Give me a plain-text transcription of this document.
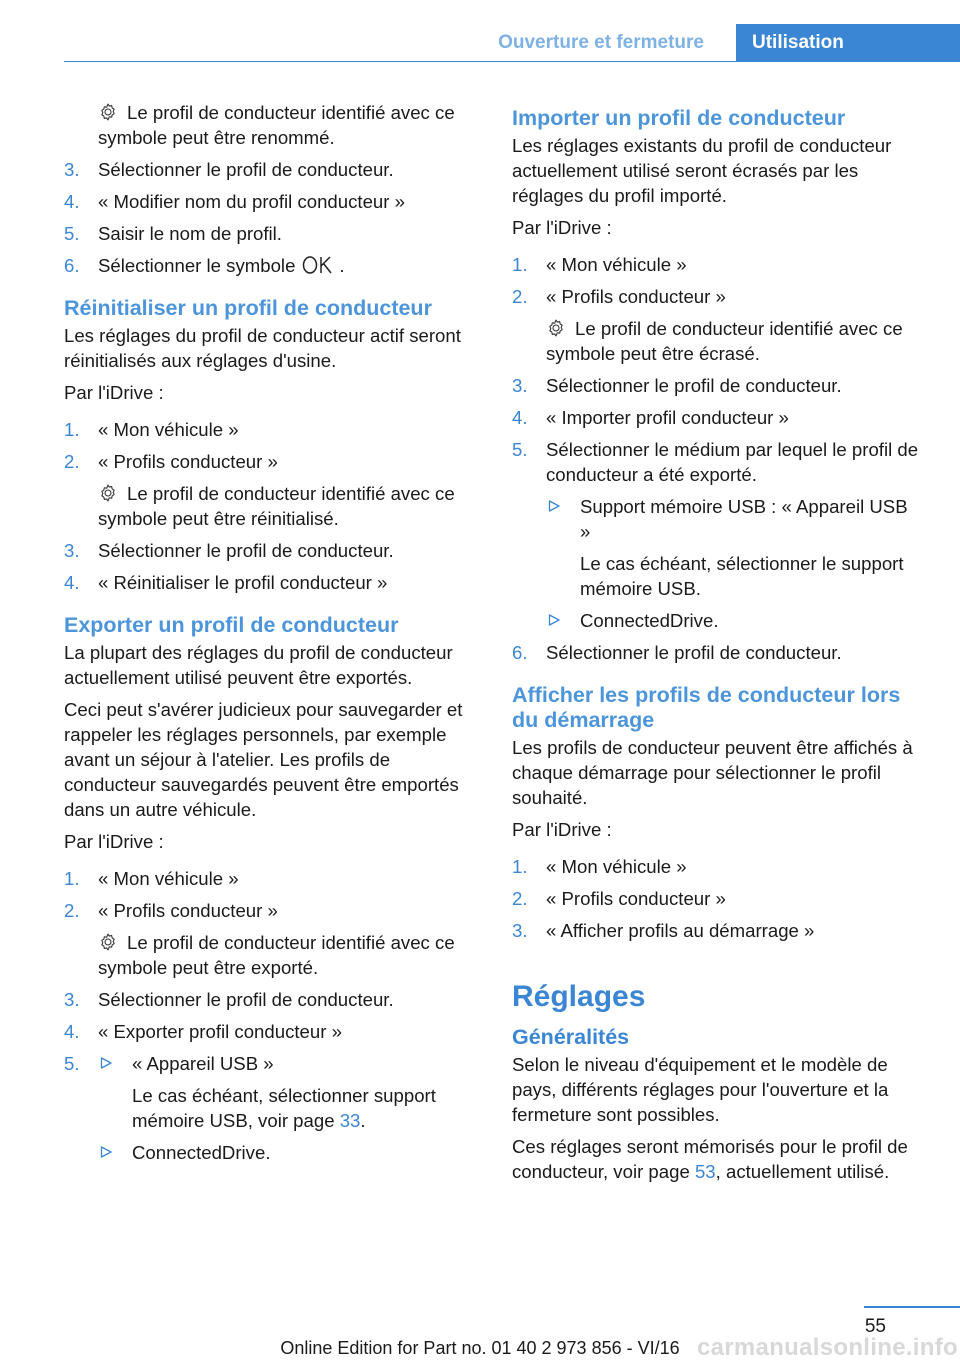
Ouverture et fermeture	Utilisation

Le profil de conducteur identifié avec ce symbole peut être renommé.

3. Sélectionner le profil de conducteur.
4. « Modifier nom du profil conducteur »
5. Saisir le nom de profil.
6. Sélectionner le symbole .
Réinitialiser un profil de conducteur

Les réglages du profil de conducteur actif seront réinitialisés aux réglages d'usine.

Par l'iDrive :

1. « Mon véhicule »
2. « Profils conducteur »
Le profil de conducteur identifié avec ce symbole peut être réinitialisé.
3. Sélectionner le profil de conducteur.
4. « Réinitialiser le profil conducteur »
Exporter un profil de conducteur

La plupart des réglages du profil de conducteur actuellement utilisé peuvent être exportés.

Ceci peut s'avérer judicieux pour sauvegarder et rappeler les réglages personnels, par exemple avant un séjour à l'atelier. Les profils de conducteur sauvegardés peuvent être emportés dans un autre véhicule.

Par l'iDrive :

1. « Mon véhicule »
2. « Profils conducteur »
Le profil de conducteur identifié avec ce symbole peut être exporté.
3. Sélectionner le profil de conducteur.
4. « Exporter profil conducteur »
5.	« Appareil USB »
Le cas échéant, sélectionner support mémoire USB, voir page 33.
ConnectedDrive.
Importer un profil de conducteur

Les réglages existants du profil de conducteur actuellement utilisé seront écrasés par les réglages du profil importé.

Par l'iDrive :

1. « Mon véhicule »
2. « Profils conducteur »
Le profil de conducteur identifié avec ce symbole peut être écrasé.
3. Sélectionner le profil de conducteur.
4. « Importer profil conducteur »
5. Sélectionner le médium par lequel le profil de conducteur a été exporté.
Support mémoire USB : « Appareil USB »
Le cas échéant, sélectionner le support mémoire USB.
ConnectedDrive.
6. Sélectionner le profil de conducteur.
Afficher les profils de conducteur lors du démarrage

Les profils de conducteur peuvent être affichés à chaque démarrage pour sélectionner le profil souhaité.

Par l'iDrive :

1. « Mon véhicule »
2. « Profils conducteur »
3. « Afficher profils au démarrage »
Réglages
Généralités

Selon le niveau d'équipement et le modèle de pays, différents réglages pour l'ouverture et la fermeture sont possibles.

Ces réglages seront mémorisés pour le profil de conducteur, voir page 53, actuellement utilisé.

55
Online Edition for Part no. 01 40 2 973 856 - VI/16 carmanualsonline.info
